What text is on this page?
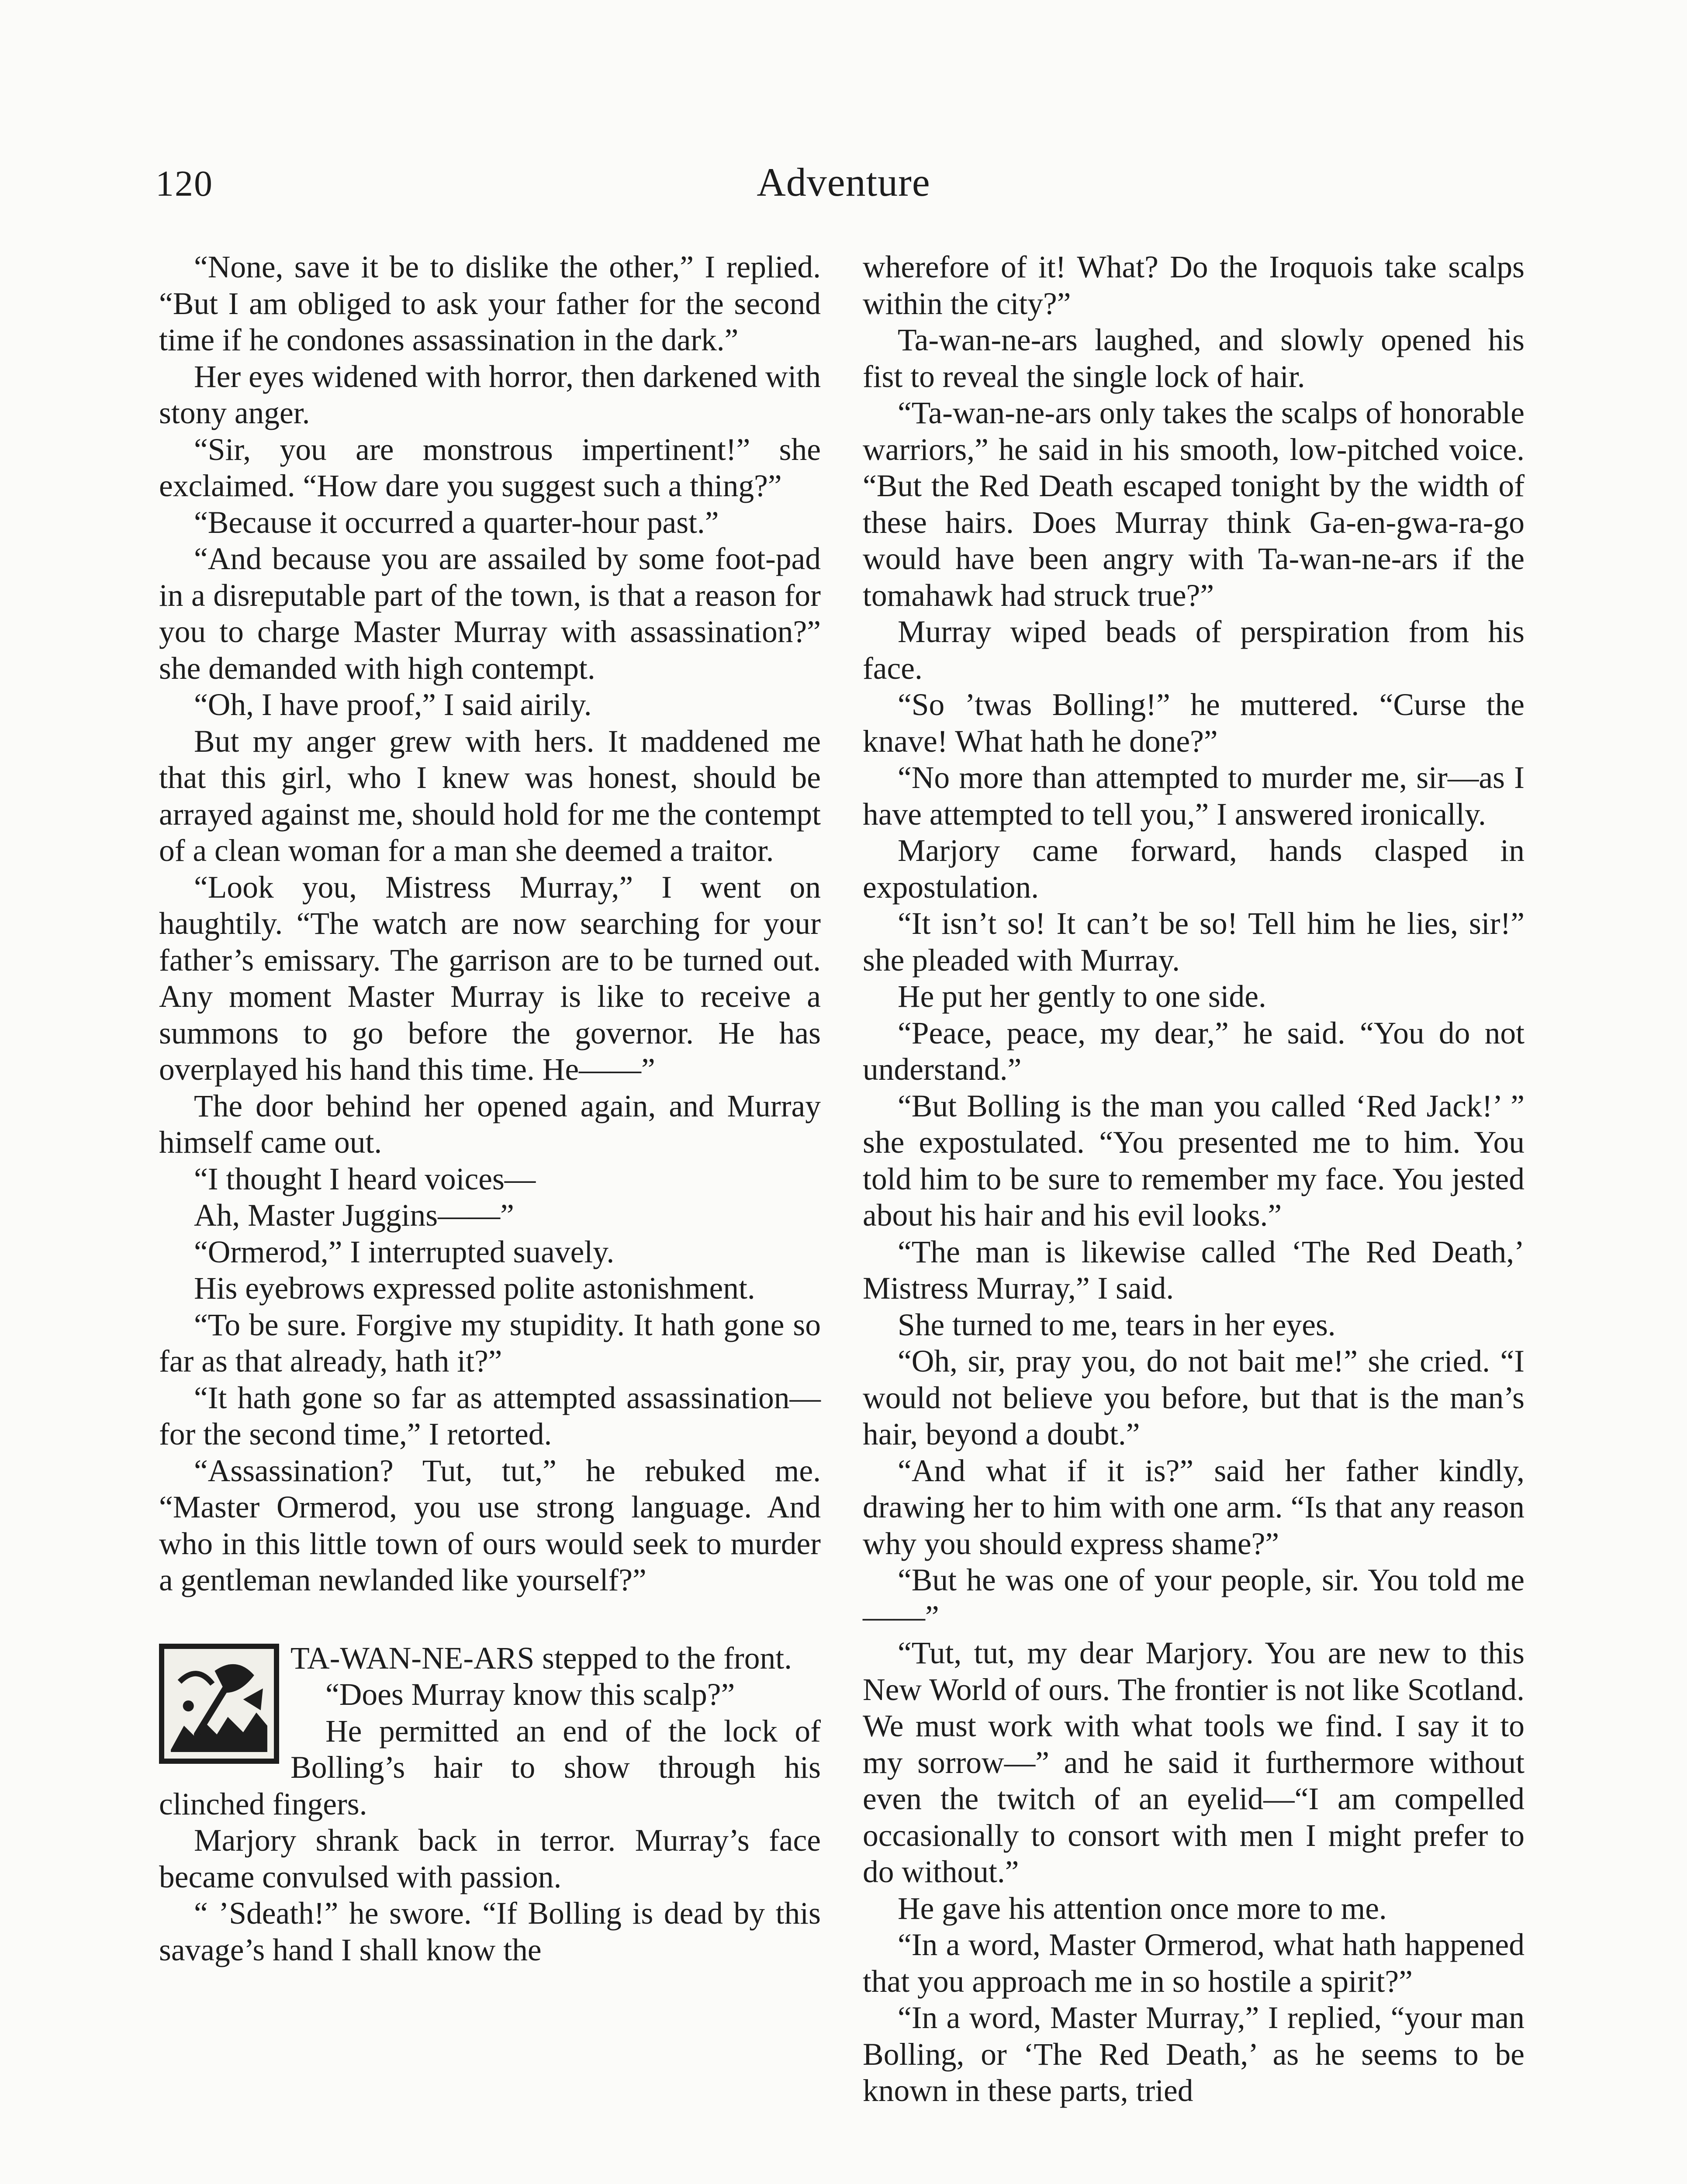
120	Adventure

“None, save it be to dislike the other,” I replied. “But I am obliged to ask your father for the second time if he condones assassination in the dark.”

Her eyes widened with horror, then darkened with stony anger.

“Sir, you are monstrous impertinent!” she exclaimed. “How dare you suggest such a thing?”

“Because it occurred a quarter-hour past.”

“And because you are assailed by some foot-pad in a disreputable part of the town, is that a reason for you to charge Master Murray with assassination?” she demanded with high contempt.

“Oh, I have proof,” I said airily.

But my anger grew with hers. It maddened me that this girl, who I knew was honest, should be arrayed against me, should hold for me the contempt of a clean woman for a man she deemed a traitor.

“Look you, Mistress Murray,” I went on haughtily. “The watch are now searching for your father’s emissary. The garrison are to be turned out. Any moment Master Murray is like to receive a summons to go before the governor. He has overplayed his hand this time. He——”

The door behind her opened again, and Murray himself came out.

“I thought I heard voices—

Ah, Master Juggins——”

“Ormerod,” I interrupted suavely.

His eyebrows expressed polite astonishment.

“To be sure. Forgive my stupidity. It hath gone so far as that already, hath it?”

“It hath gone so far as attempted assassination—for the second time,” I retorted.

“Assassination? Tut, tut,” he rebuked me. “Master Ormerod, you use strong language. And who in this little town of ours would seek to murder a gentleman newlanded like yourself?”

TA-WAN-NE-ARS stepped to the front.

“Does Murray know this scalp?”

He permitted an end of the lock of Bolling’s hair to show through his clinched fingers.

Marjory shrank back in terror. Murray’s face became convulsed with passion.

“ ’Sdeath!” he swore. “If Bolling is dead by this savage’s hand I shall know the

wherefore of it! What? Do the Iroquois take scalps within the city?”

Ta-wan-ne-ars laughed, and slowly opened his fist to reveal the single lock of hair.

“Ta-wan-ne-ars only takes the scalps of honorable warriors,” he said in his smooth, low-pitched voice. “But the Red Death escaped tonight by the width of these hairs. Does Murray think Ga-en-gwa-ra-go would have been angry with Ta-wan-ne-ars if the tomahawk had struck true?”

Murray wiped beads of perspiration from his face.

“So ’twas Bolling!” he muttered. “Curse the knave! What hath he done?”

“No more than attempted to murder me, sir—as I have attempted to tell you,” I answered ironically.

Marjory came forward, hands clasped in expostulation.

“It isn’t so! It can’t be so! Tell him he lies, sir!” she pleaded with Murray.

He put her gently to one side.

“Peace, peace, my dear,” he said. “You do not understand.”

“But Bolling is the man you called ‘Red Jack!’ ” she expostulated. “You presented me to him. You told him to be sure to remember my face. You jested about his hair and his evil looks.”

“The man is likewise called ‘The Red Death,’ Mistress Murray,” I said.

She turned to me, tears in her eyes.

“Oh, sir, pray you, do not bait me!” she cried. “I would not believe you before, but that is the man’s hair, beyond a doubt.”

“And what if it is?” said her father kindly, drawing her to him with one arm. “Is that any reason why you should express shame?”

“But he was one of your people, sir. You told me——”

“Tut, tut, my dear Marjory. You are new to this New World of ours. The frontier is not like Scotland. We must work with what tools we find. I say it to my sorrow—” and he said it furthermore without even the twitch of an eyelid—“I am compelled occasionally to consort with men I might prefer to do without.”

He gave his attention once more to me.

“In a word, Master Ormerod, what hath happened that you approach me in so hostile a spirit?”

“In a word, Master Murray,” I replied, “your man Bolling, or ‘The Red Death,’ as he seems to be known in these parts, tried
